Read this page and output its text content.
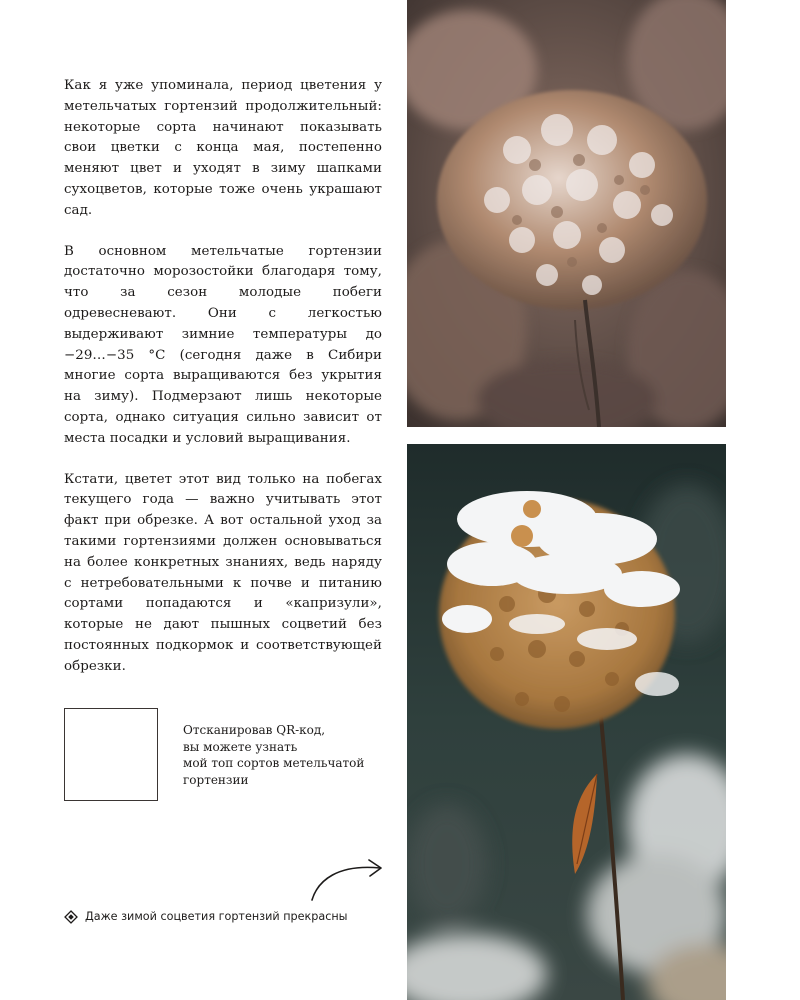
Как я уже упоминала, период цветения у метельчатых гортензий продолжительный: некоторые сорта начинают показывать свои цветки с конца мая, постепенно меняют цвет и уходят в зиму шапками сухоцветов, которые тоже очень украшают сад.

В основном метельчатые гортензии достаточно морозостойки благодаря тому, что за сезон молодые побеги одревесневают. Они с легкостью выдерживают зимние температуры до −29…−35 °С (сегодня даже в Сибири многие сорта выращиваются без укрытия на зиму). Подмерзают лишь некоторые сорта, однако ситуация сильно зависит от места посадки и условий выращивания.

Кстати, цветет этот вид только на побегах текущего года — важно учитывать этот факт при обрезке. А вот остальной уход за такими гортензиями должен основываться на более конкретных знаниях, ведь наряду с нетребовательными к почве и питанию сортами попадаются и «капризули», которые не дают пышных соцветий без постоянных подкормок и соответствующей обрезки.

Отсканировав QR-код,
вы можете узнать
мой топ сортов метельчатой
гортензии
Даже зимой соцветия гортензий прекрасны
